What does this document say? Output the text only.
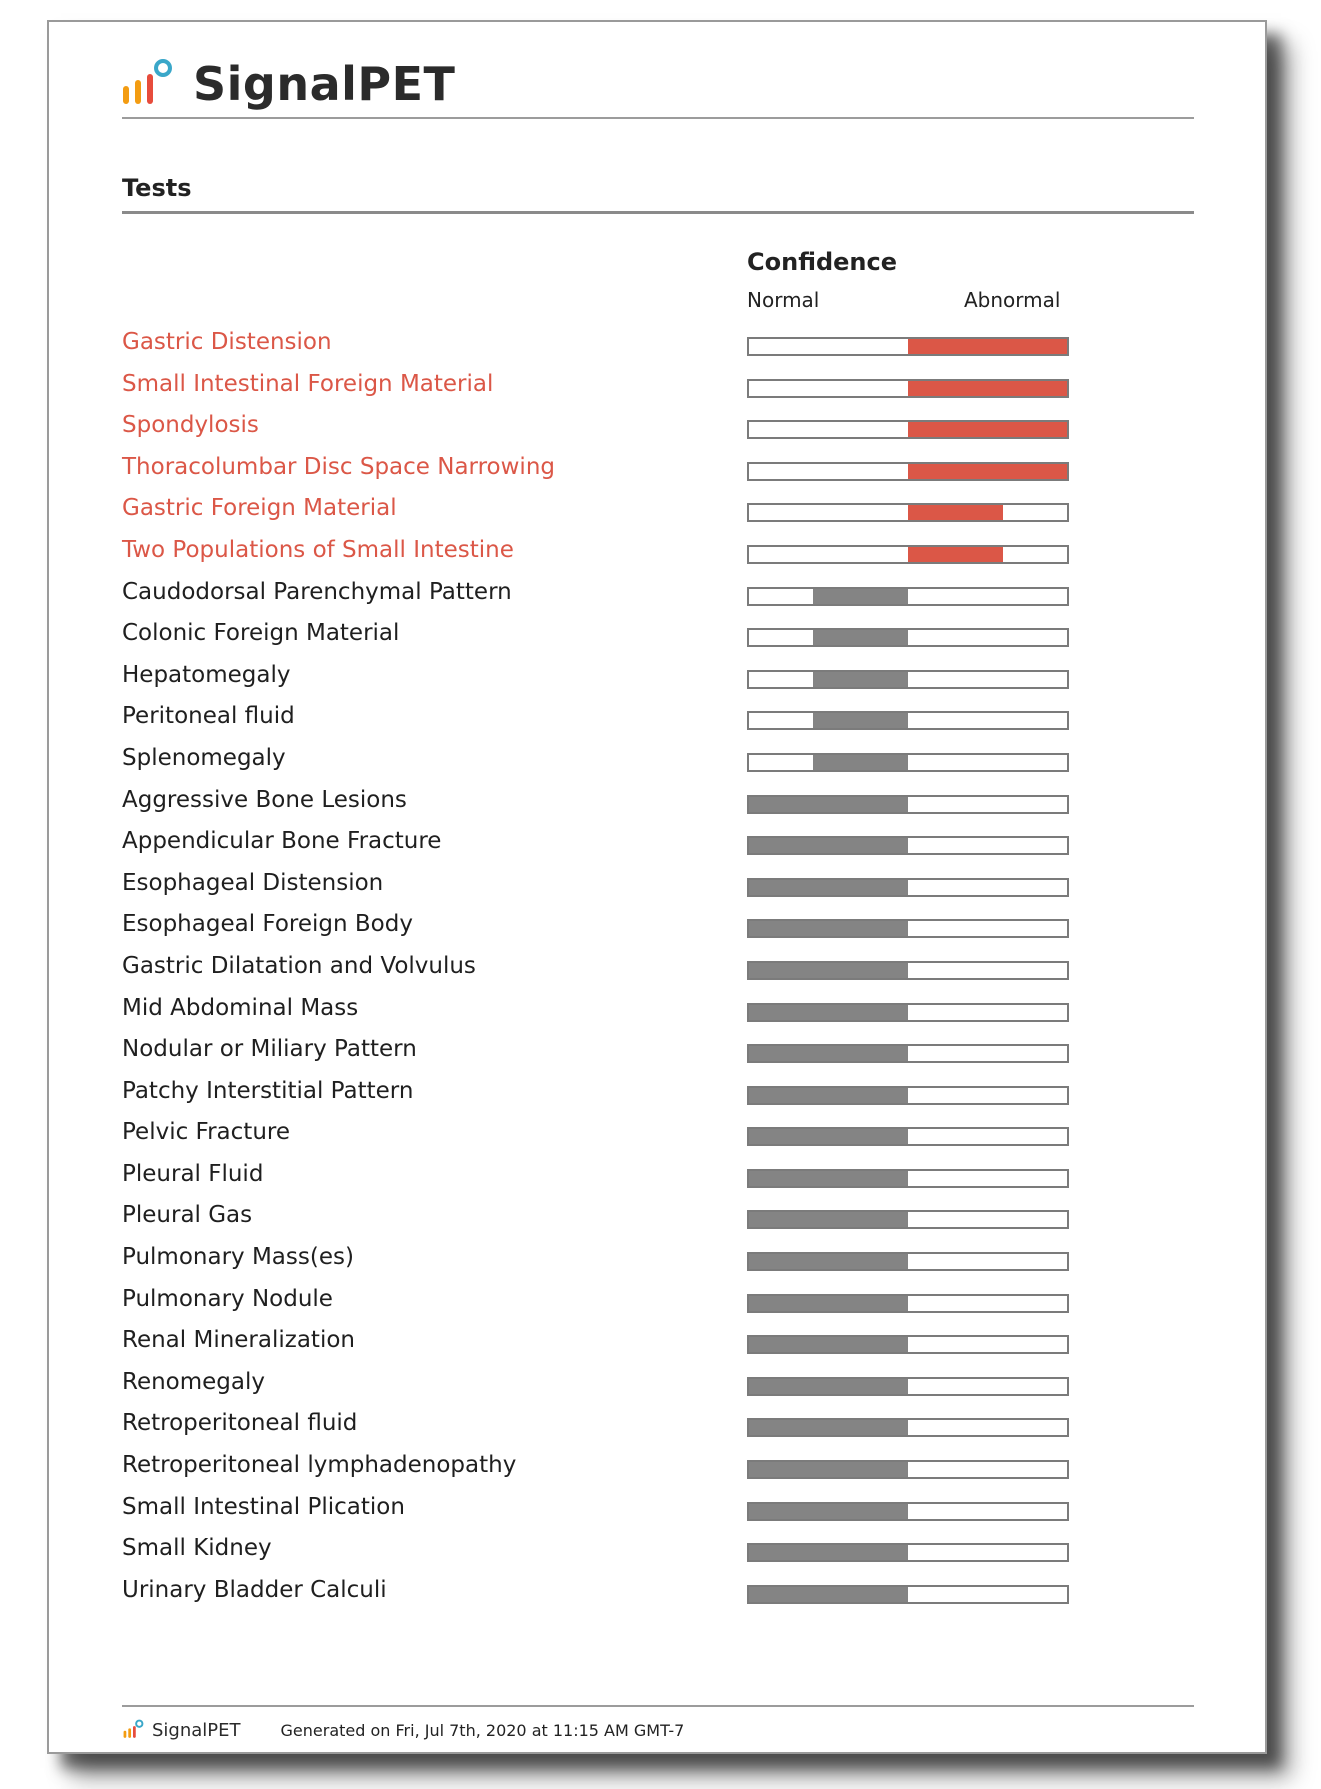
SignalPET
Tests
Confidence
Normal	Abnormal
Gastric Distension
Small Intestinal Foreign Material
Spondylosis
Thoracolumbar Disc Space Narrowing
Gastric Foreign Material
Two Populations of Small Intestine
Caudodorsal Parenchymal Pattern
Colonic Foreign Material
Hepatomegaly
Peritoneal fluid
Splenomegaly
Aggressive Bone Lesions
Appendicular Bone Fracture
Esophageal Distension
Esophageal Foreign Body
Gastric Dilatation and Volvulus
Mid Abdominal Mass
Nodular or Miliary Pattern
Patchy Interstitial Pattern
Pelvic Fracture
Pleural Fluid
Pleural Gas
Pulmonary Mass(es)
Pulmonary Nodule
Renal Mineralization
Renomegaly
Retroperitoneal fluid
Retroperitoneal lymphadenopathy
Small Intestinal Plication
Small Kidney
Urinary Bladder Calculi
SignalPET	Generated on Fri, Jul 7th, 2020 at 11:15 AM GMT-7
